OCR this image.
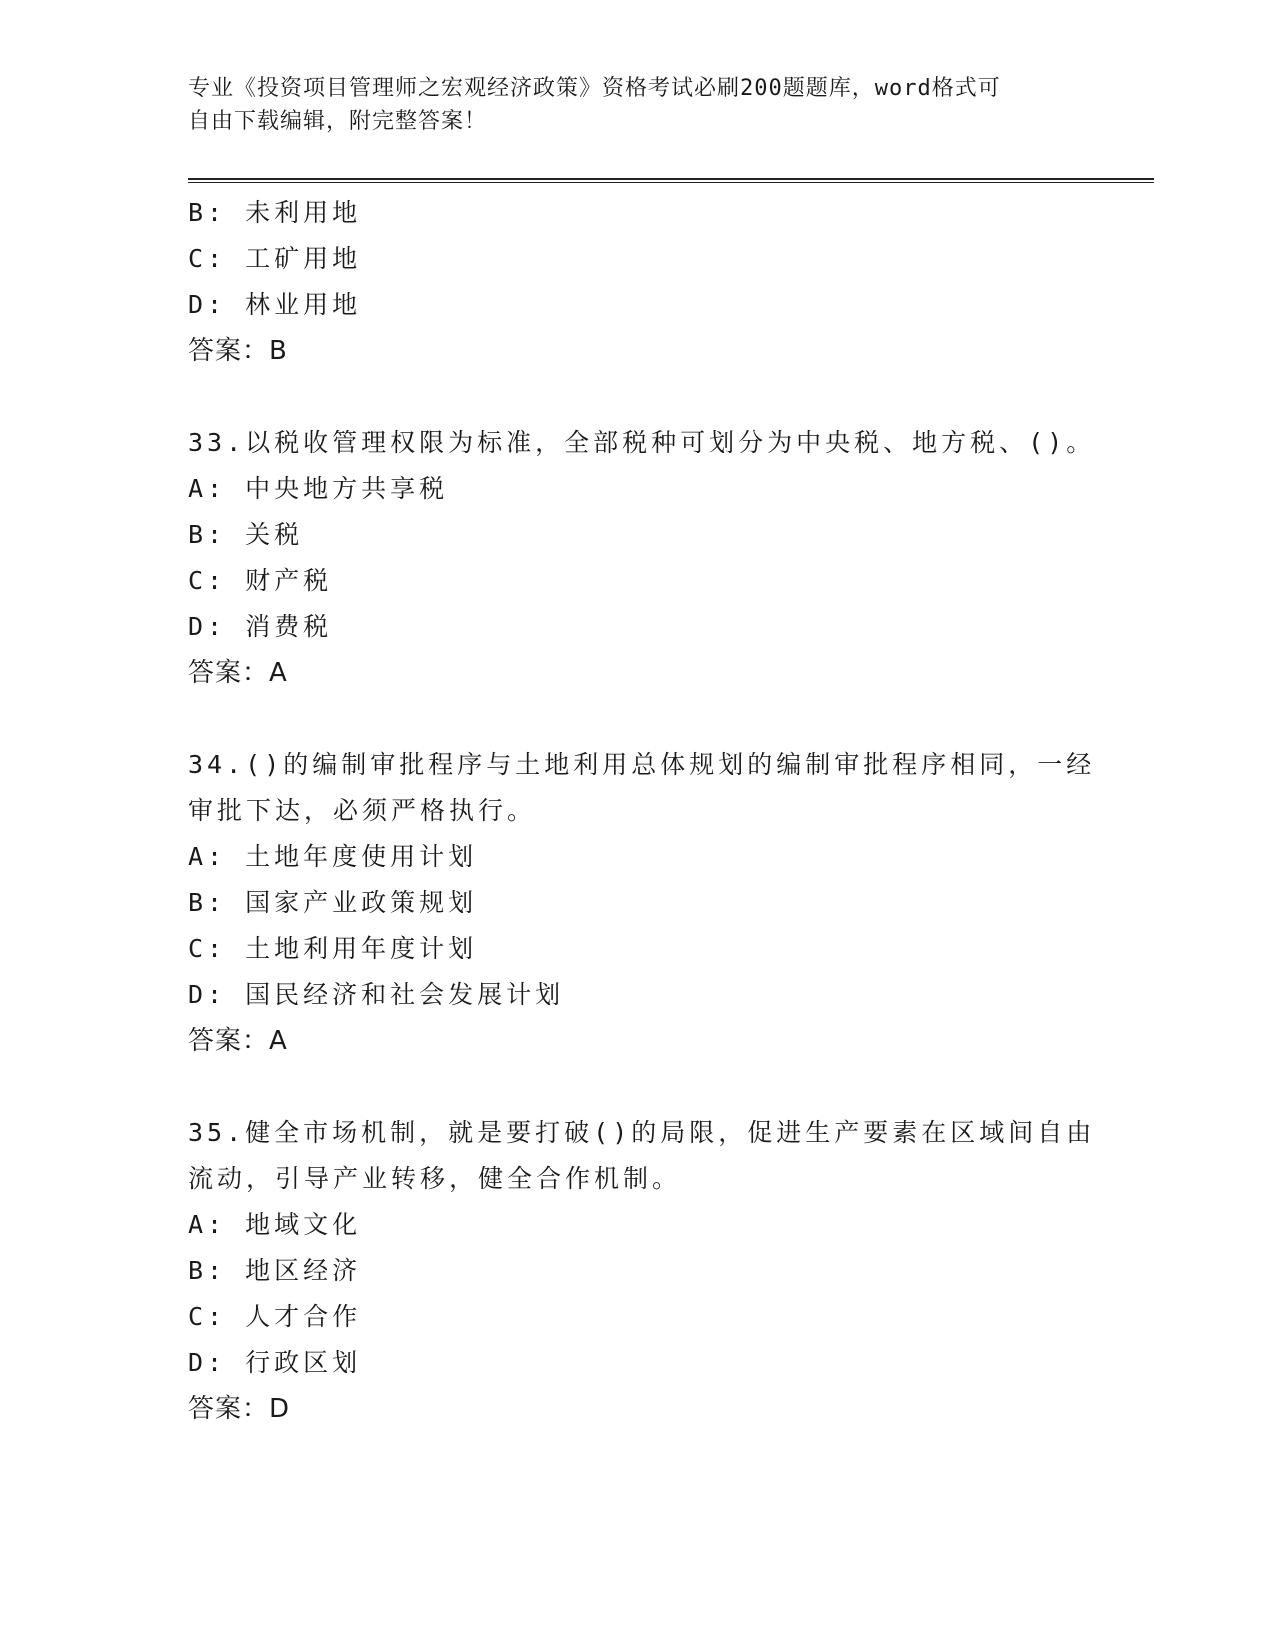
专业《投资项目管理师之宏观经济政策》资格考试必刷200题题库，word格式可
自由下载编辑，附完整答案！
B: 未利用地
C: 工矿用地
D: 林业用地
答案：B
33.以税收管理权限为标准，全部税种可划分为中央税、地方税、()。
A: 中央地方共享税
B: 关税
C: 财产税
D: 消费税
答案：A
34.()的编制审批程序与土地利用总体规划的编制审批程序相同，一经
审批下达，必须严格执行。
A: 土地年度使用计划
B: 国家产业政策规划
C: 土地利用年度计划
D: 国民经济和社会发展计划
答案：A
35.健全市场机制，就是要打破()的局限，促进生产要素在区域间自由
流动，引导产业转移，健全合作机制。
A: 地域文化
B: 地区经济
C: 人才合作
D: 行政区划
答案：D
